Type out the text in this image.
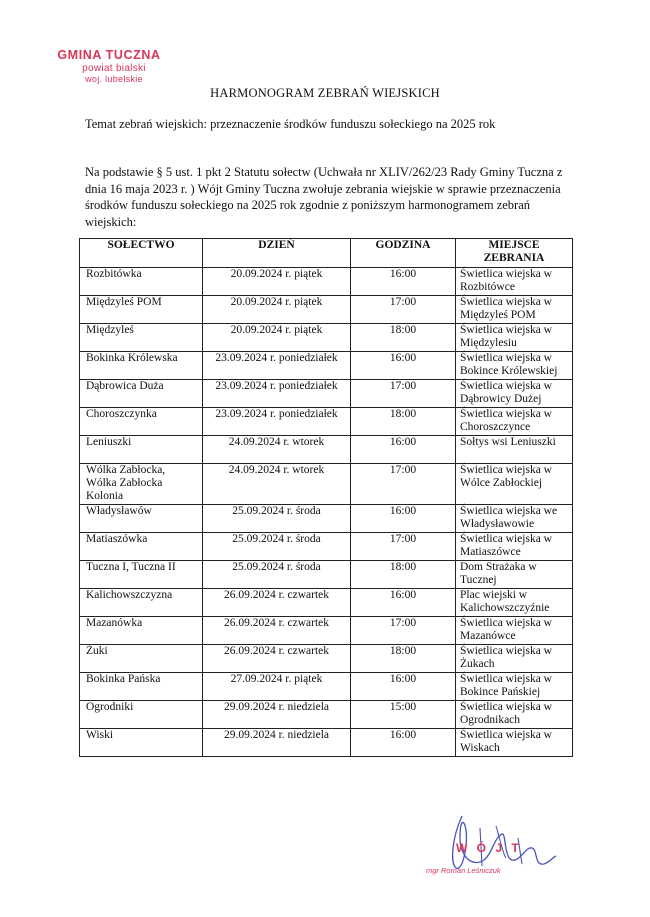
GMINA TUCZNA
powiat bialski
woj. lubelskie
HARMONOGRAM ZEBRAŃ WIEJSKICH
Temat zebrań wiejskich: przeznaczenie środków funduszu sołeckiego na 2025 rok
Na podstawie § 5 ust. 1 pkt 2 Statutu sołectw (Uchwała nr XLIV/262/23 Rady Gminy Tuczna z dnia 16 maja 2023 r. ) Wójt Gminy Tuczna zwołuje zebrania wiejskie w sprawie przeznaczenia środków funduszu sołeckiego na 2025 rok zgodnie z poniższym harmonogramem zebrań wiejskich:
SOŁECTWO	DZIEŃ	GODZINA	MIEJSCE ZEBRANIA
Rozbitówka	20.09.2024 r. piątek	16:00	Świetlica wiejska w Rozbitówce
Międzyleś POM	20.09.2024 r. piątek	17:00	Świetlica wiejska w Międzyleś POM
Międzyleś	20.09.2024 r. piątek	18:00	Świetlica wiejska w Międzylesiu
Bokinka Królewska	23.09.2024 r. poniedziałek	16:00	Świetlica wiejska w Bokince Królewskiej
Dąbrowica Duża	23.09.2024 r. poniedziałek	17:00	Świetlica wiejska w Dąbrowicy Dużej
Choroszczynka	23.09.2024 r. poniedziałek	18:00	Świetlica wiejska w Choroszczynce
Leniuszki	24.09.2024 r. wtorek	16:00	Sołtys wsi Leniuszki
Wólka Zabłocka, Wólka Zabłocka Kolonia	24.09.2024 r. wtorek	17:00	Świetlica wiejska w Wólce Zabłockiej
Władysławów	25.09.2024 r. środa	16:00	Świetlica wiejska we Władysławowie
Matiaszówka	25.09.2024 r. środa	17:00	Świetlica wiejska w Matiaszówce
Tuczna I, Tuczna II	25.09.2024 r. środa	18:00	Dom Strażaka w Tucznej
Kalichowszczyzna	26.09.2024 r. czwartek	16:00	Plac wiejski w Kalichowszczyźnie
Mazanówka	26.09.2024 r. czwartek	17:00	Świetlica wiejska w Mazanówce
Żuki	26.09.2024 r. czwartek	18:00	Świetlica wiejska w Żukach
Bokinka Pańska	27.09.2024 r. piątek	16:00	Świetlica wiejska w Bokince Pańskiej
Ogrodniki	29.09.2024 r. niedziela	15:00	Świetlica wiejska w Ogrodnikach
Wiski	29.09.2024 r. niedziela	16:00	Świetlica wiejska w Wiskach
W Ó J T
mgr Roman Leśniczuk
